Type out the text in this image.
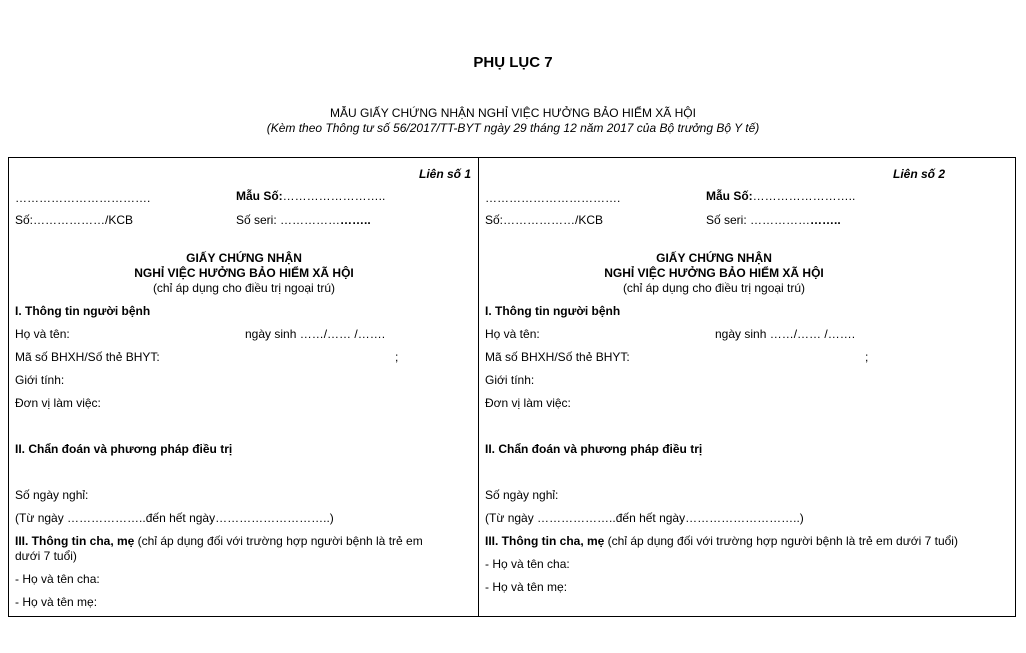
PHỤ LỤC 7
MẪU GIẤY CHỨNG NHẬN NGHỈ VIỆC HƯỞNG BẢO HIỂM XÃ HỘI
(Kèm theo Thông tư số 56/2017/TT-BYT ngày 29 tháng 12 năm 2017 của Bộ trưởng Bộ Y tế)
Liên số 1
…………………………….	Mẫu Số:……………………..
Số:………………/KCB	Số seri: …………………..
GIẤY CHỨNG NHẬN
NGHỈ VIỆC HƯỞNG BẢO HIỂM XÃ HỘI
(chỉ áp dụng cho điều trị ngoại trú)
I. Thông tin người bệnh
Họ và tên:	ngày sinh ……/…… /…….
Mã số BHXH/Số thẻ BHYT:	;
Giới tính:
Đơn vị làm việc:
II. Chẩn đoán và phương pháp điều trị
Số ngày nghỉ:
(Từ ngày ………………..đến hết ngày………………………..)
III. Thông tin cha, mẹ (chỉ áp dụng đối với trường hợp người bệnh là trẻ em
dưới 7 tuổi)
- Họ và tên cha:
- Họ và tên mẹ:
Liên số 2
…………………………….	Mẫu Số:……………………..
Số:………………/KCB	Số seri: …………………..
GIẤY CHỨNG NHẬN
NGHỈ VIỆC HƯỞNG BẢO HIỂM XÃ HỘI
(chỉ áp dụng cho điều trị ngoại trú)
I. Thông tin người bệnh
Họ và tên:	ngày sinh ……/…… /…….
Mã số BHXH/Số thẻ BHYT:	;
Giới tính:
Đơn vị làm việc:
II. Chẩn đoán và phương pháp điều trị
Số ngày nghỉ:
(Từ ngày ………………..đến hết ngày………………………..)
III. Thông tin cha, mẹ (chỉ áp dụng đối với trường hợp người bệnh là trẻ em dưới 7 tuổi)
- Họ và tên cha:
- Họ và tên mẹ:
